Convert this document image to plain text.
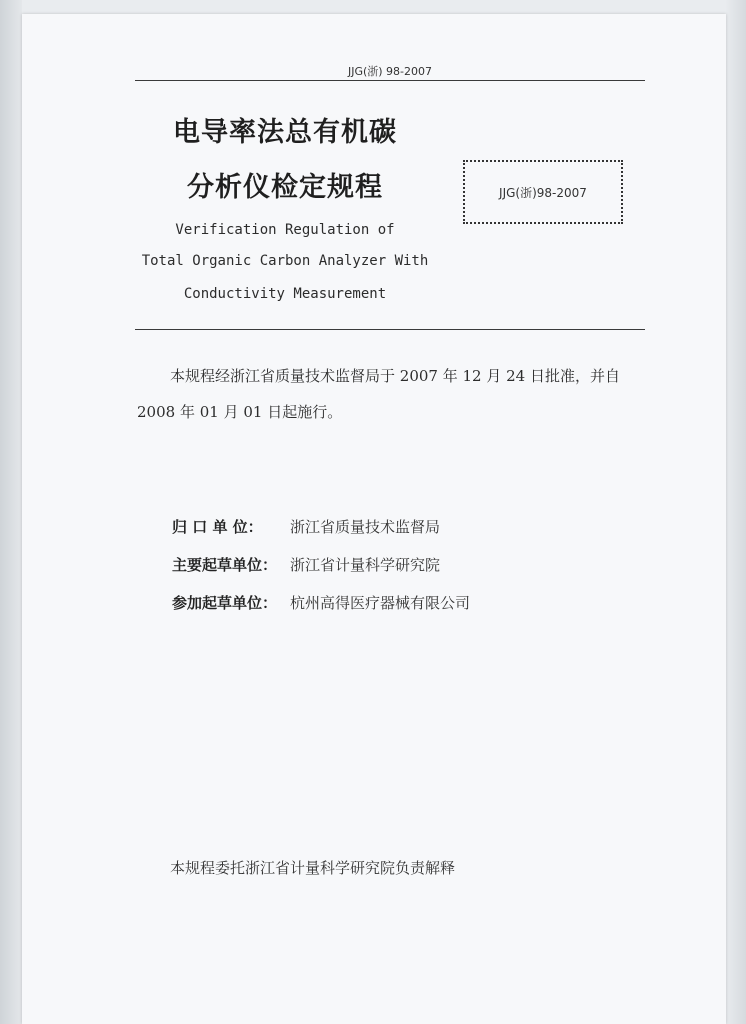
JJG(浙) 98-2007
电导率法总有机碳
分析仪检定规程	JJG(浙)98-2007
Verification Regulation of
Total Organic Carbon Analyzer With
Conductivity Measurement
本规程经浙江省质量技术监督局于 2007 年 12 月 24 日批准，并自
2008 年 01 月 01 日起施行。
归 口 单 位： 浙江省质量技术监督局
主要起草单位： 浙江省计量科学研究院
参加起草单位： 杭州高得医疗器械有限公司
本规程委托浙江省计量科学研究院负责解释
